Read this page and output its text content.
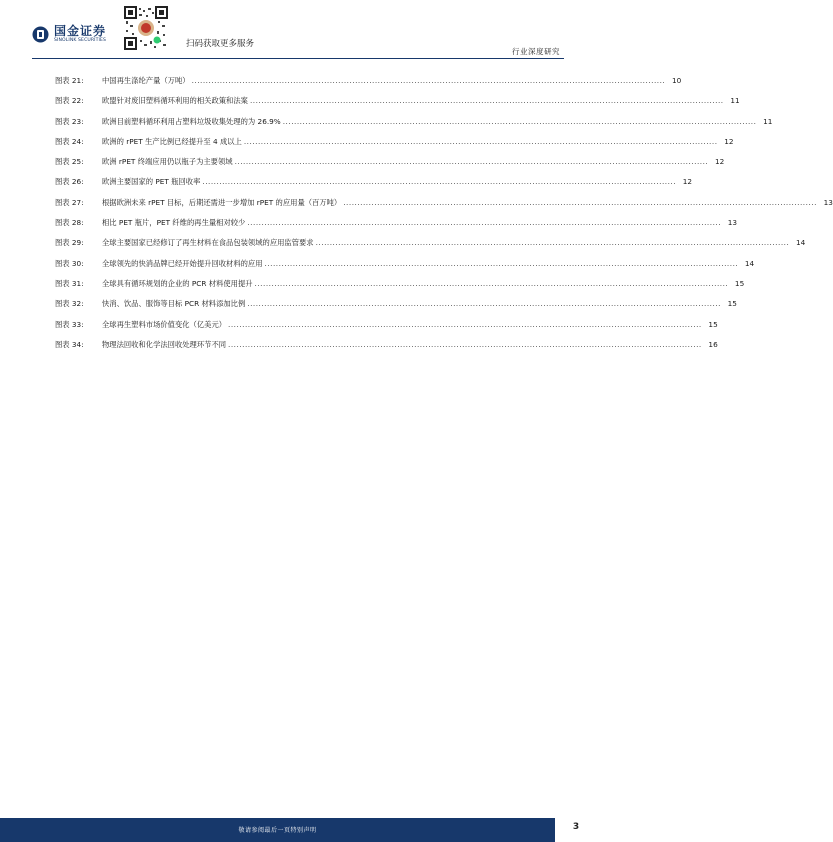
国金证券
SINOLINK SECURITIES	扫码获取更多服务
行业深度研究
图表 21:	中国再生涤纶产量（万吨） ........................................................................................................................................................................ 10
图表 22:	欧盟针对废旧塑料循环利用的相关政策和法案 ........................................................................................................................................................................ 11
图表 23:	欧洲目前塑料循环利用占塑料垃圾收集处理的为 26.9% ........................................................................................................................................................................ 11
图表 24:	欧洲的 rPET 生产比例已经提升至 4 成以上 ........................................................................................................................................................................ 12
图表 25:	欧洲 rPET 终端应用仍以瓶子为主要领域 ........................................................................................................................................................................ 12
图表 26:	欧洲主要国家的 PET 瓶回收率 ........................................................................................................................................................................ 12
图表 27:	根据欧洲未来 rPET 目标，后期还需进一步增加 rPET 的应用量（百万吨） ........................................................................................................................................................................ 13
图表 28:	相比 PET 瓶片，PET 纤维的再生量相对较少 ........................................................................................................................................................................ 13
图表 29:	全球主要国家已经修订了再生材料在食品包装领域的应用监管要求 ........................................................................................................................................................................ 14
图表 30:	全球领先的快消品牌已经开始提升回收材料的应用 ........................................................................................................................................................................ 14
图表 31:	全球具有循环规划的企业的 PCR 材料使用提升 ........................................................................................................................................................................ 15
图表 32:	快消、饮品、服饰等目标 PCR 材料添加比例 ........................................................................................................................................................................ 15
图表 33:	全球再生塑料市场价值变化（亿美元） ........................................................................................................................................................................ 15
图表 34:	物理法回收和化学法回收处理环节不同 ........................................................................................................................................................................ 16
敬请参阅最后一页特别声明	3
